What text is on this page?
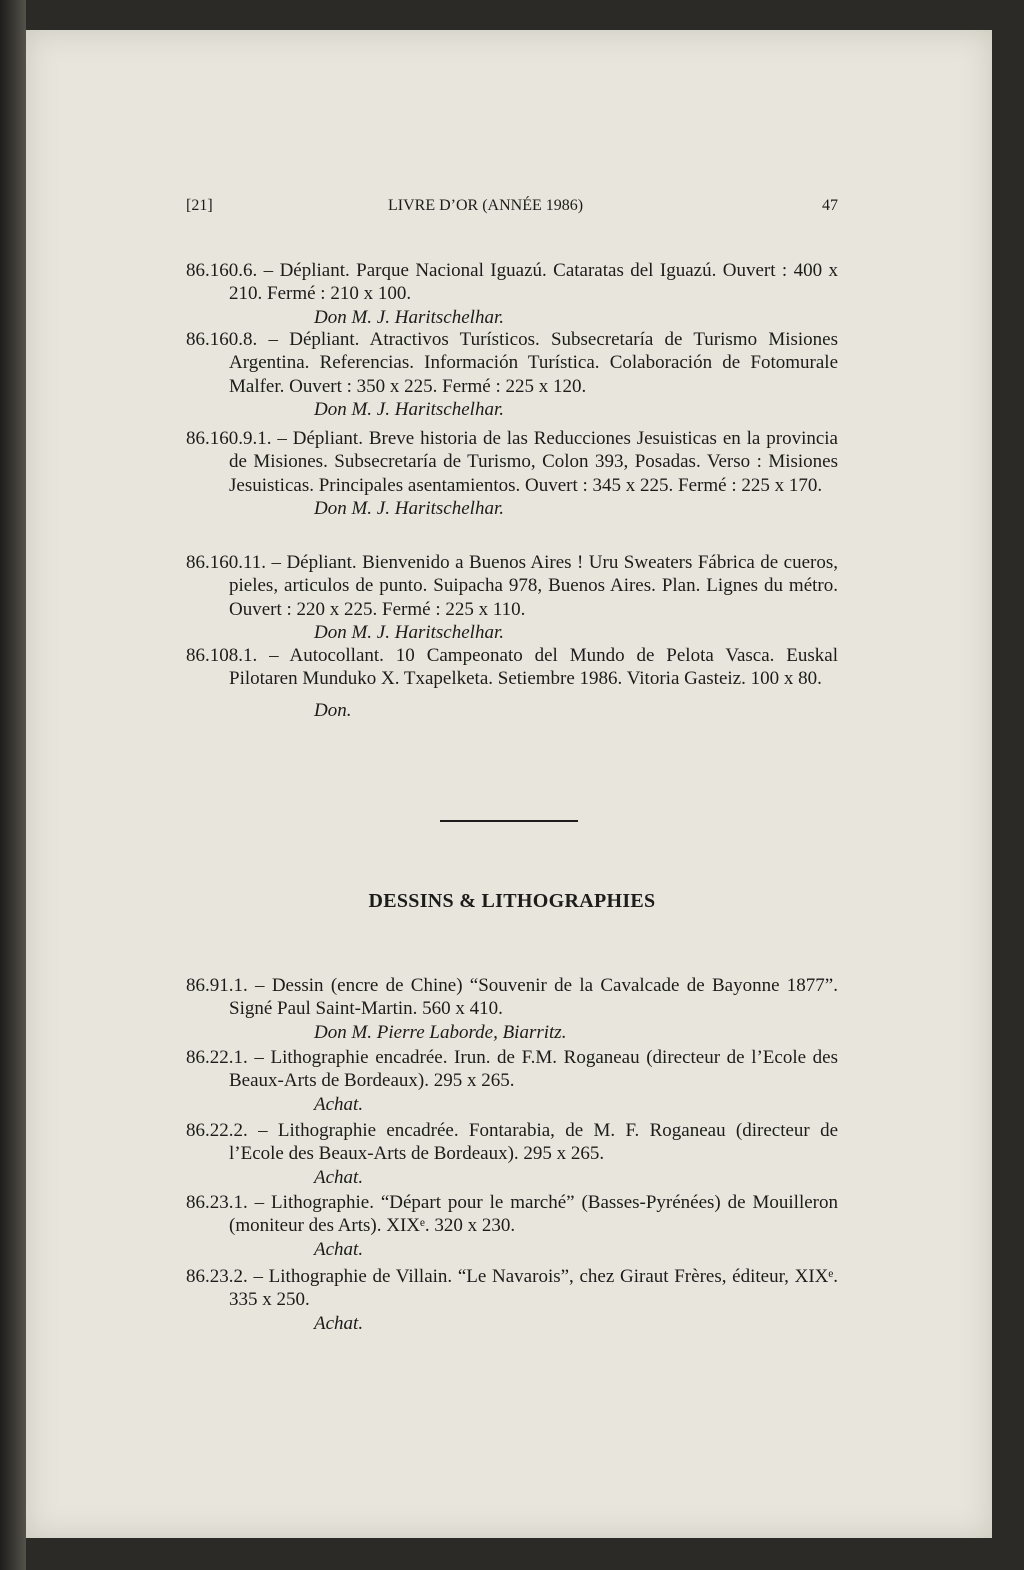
[21]	LIVRE D’OR (ANNÉE 1986)	47
86.160.6. – Dépliant. Parque Nacional Iguazú. Cataratas del Iguazú. Ouvert : 400 x 210. Fermé : 210 x 100.
Don M. J. Haritschelhar.
86.160.8. – Dépliant. Atractivos Turísticos. Subsecretaría de Turismo Misiones Argentina. Referencias. Información Turística. Colaboración de Fotomurale Malfer. Ouvert : 350 x 225. Fermé : 225 x 120.
Don M. J. Haritschelhar.
86.160.9.1. – Dépliant. Breve historia de las Reducciones Jesuisticas en la provincia de Misiones. Subsecretaría de Turismo, Colon 393, Posadas. Verso : Misiones Jesuisticas. Principales asentamientos. Ouvert : 345 x 225. Fermé : 225 x 170.
Don M. J. Haritschelhar.
86.160.11. – Dépliant. Bienvenido a Buenos Aires ! Uru Sweaters Fábrica de cueros, pieles, articulos de punto. Suipacha 978, Buenos Aires. Plan. Lignes du métro. Ouvert : 220 x 225. Fermé : 225 x 110.
Don M. J. Haritschelhar.
86.108.1. – Autocollant. 10 Campeonato del Mundo de Pelota Vasca. Euskal Pilotaren Munduko X. Txapelketa. Setiembre 1986. Vitoria Gasteiz. 100 x 80.
Don.
DESSINS & LITHOGRAPHIES
86.91.1. – Dessin (encre de Chine) “Souvenir de la Cavalcade de Bayonne 1877”. Signé Paul Saint-Martin. 560 x 410.
Don M. Pierre Laborde, Biarritz.
86.22.1. – Lithographie encadrée. Irun. de F.M. Roganeau (directeur de l’Ecole des Beaux-Arts de Bordeaux). 295 x 265.
Achat.
86.22.2. – Lithographie encadrée. Fontarabia, de M. F. Roganeau (directeur de l’Ecole des Beaux-Arts de Bordeaux). 295 x 265.
Achat.
86.23.1. – Lithographie. “Départ pour le marché” (Basses-Pyrénées) de Mouilleron (moniteur des Arts). XIXᵉ. 320 x 230.
Achat.
86.23.2. – Lithographie de Villain. “Le Navarois”, chez Giraut Frères, éditeur, XIXᵉ. 335 x 250.
Achat.
